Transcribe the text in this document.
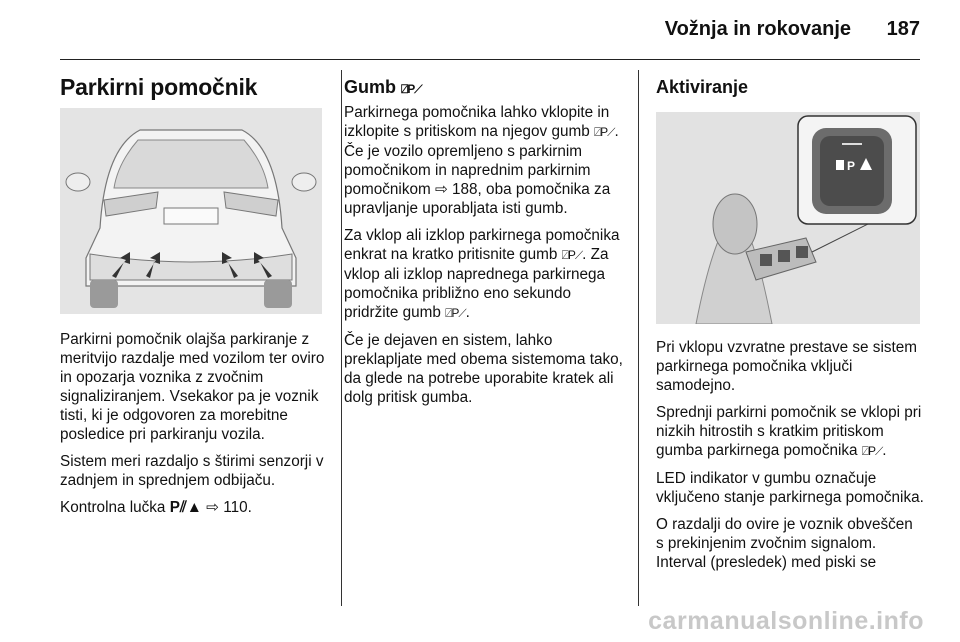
Vožnja in rokovanje 187
Parkirni pomočnik

Parkirni pomočnik olajša parkiranje z meritvijo razdalje med vozilom ter oviro in opozarja voznika z zvočnim signaliziranjem. Vsekakor pa je voznik tisti, ki je odgovoren za morebitne posledice pri parkiranju vozila.

Sistem meri razdaljo s štirimi senzorji v zadnjem in sprednjem odbijaču.

Kontrolna lučka P⫽▲ ⇨ 110.

Gumb ⍁P⟋

Parkirnega pomočnika lahko vklopite in izklopite s pritiskom na njegov gumb ⍁P⟋. Če je vozilo opremljeno s parkirnim pomočnikom in naprednim parkirnim pomočnikom ⇨ 188, oba pomočnika za upravljanje uporabljata isti gumb.

Za vklop ali izklop parkirnega pomočnika enkrat na kratko pritisnite gumb ⍁P⟋. Za vklop ali izklop naprednega parkirnega pomočnika približno eno sekundo pridržite gumb ⍁P⟋.

Če je dejaven en sistem, lahko preklapljate med obema sistemoma tako, da glede na potrebe uporabite kratek ali dolg pritisk gumba.

Aktiviranje
P

Pri vklopu vzvratne prestave se sistem parkirnega pomočnika vključi samodejno.

Sprednji parkirni pomočnik se vklopi pri nizkih hitrostih s kratkim pritiskom gumba parkirnega pomočnika ⍁P⟋.

LED indikator v gumbu označuje vključeno stanje parkirnega pomočnika.

O razdalji do ovire je voznik obveščen s prekinjenim zvočnim signalom. Interval (presledek) med piski se

carmanualsonline.info
